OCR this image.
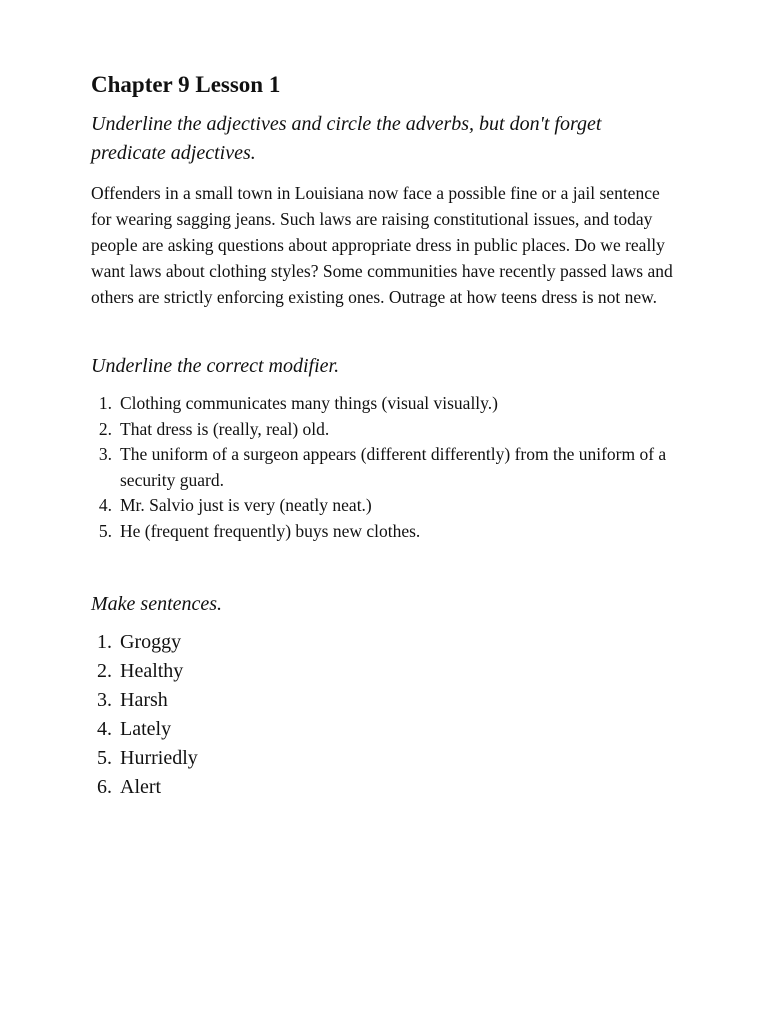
Chapter 9 Lesson 1

Underline the adjectives and circle the adverbs, but don't forget predicate adjectives.

Offenders in a small town in Louisiana now face a possible fine or a jail sentence for wearing sagging jeans. Such laws are raising constitutional issues, and today people are asking questions about appropriate dress in public places. Do we really want laws about clothing styles? Some communities have recently passed laws and others are strictly enforcing existing ones. Outrage at how teens dress is not new.

Underline the correct modifier.

1. Clothing communicates many things (visual visually.)
2. That dress is (really, real) old.
3. The uniform of a surgeon appears (different differently) from the uniform of a security guard.
4. Mr. Salvio just is very (neatly neat.)
5. He (frequent frequently) buys new clothes.

Make sentences.

1. Groggy
2. Healthy
3. Harsh
4. Lately
5. Hurriedly
6. Alert
